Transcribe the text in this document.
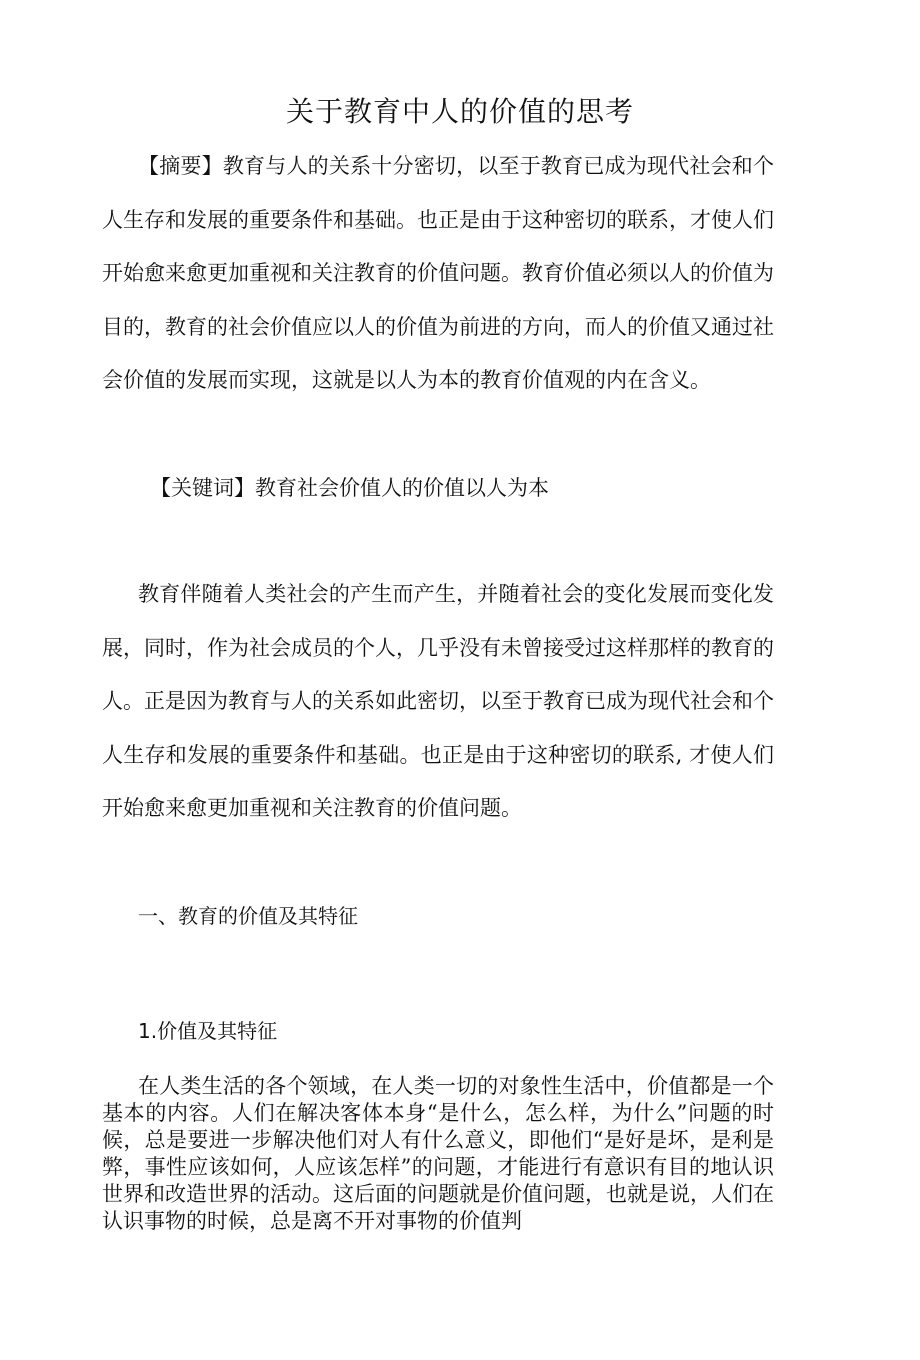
关于教育中人的价值的思考
【摘要】教育与人的关系十分密切，以至于教育已成为现代社会和个人生存和发展的重要条件和基础。也正是由于这种密切的联系，才使人们开始愈来愈更加重视和关注教育的价值问题。教育价值必须以人的价值为目的，教育的社会价值应以人的价值为前进的方向，而人的价值又通过社会价值的发展而实现，这就是以人为本的教育价值观的内在含义。
【关键词】教育社会价值人的价值以人为本
教育伴随着人类社会的产生而产生，并随着社会的变化发展而变化发展，同时，作为社会成员的个人，几乎没有未曾接受过这样那样的教育的人。正是因为教育与人的关系如此密切，以至于教育已成为现代社会和个人生存和发展的重要条件和基础。也正是由于这种密切的联系, 才使人们开始愈来愈更加重视和关注教育的价值问题。
一、教育的价值及其特征
1.价值及其特征
在人类生活的各个领域，在人类一切的对象性生活中，价值都是一个基本的内容。人们在解决客体本身“是什么，怎么样，为什么”问题的时候，总是要进一步解决他们对人有什么意义，即他们“是好是坏，是利是弊，事性应该如何，人应该怎样”的问题，才能进行有意识有目的地认识世界和改造世界的活动。这后面的问题就是价值问题，也就是说，人们在认识事物的时候，总是离不开对事物的价值判
